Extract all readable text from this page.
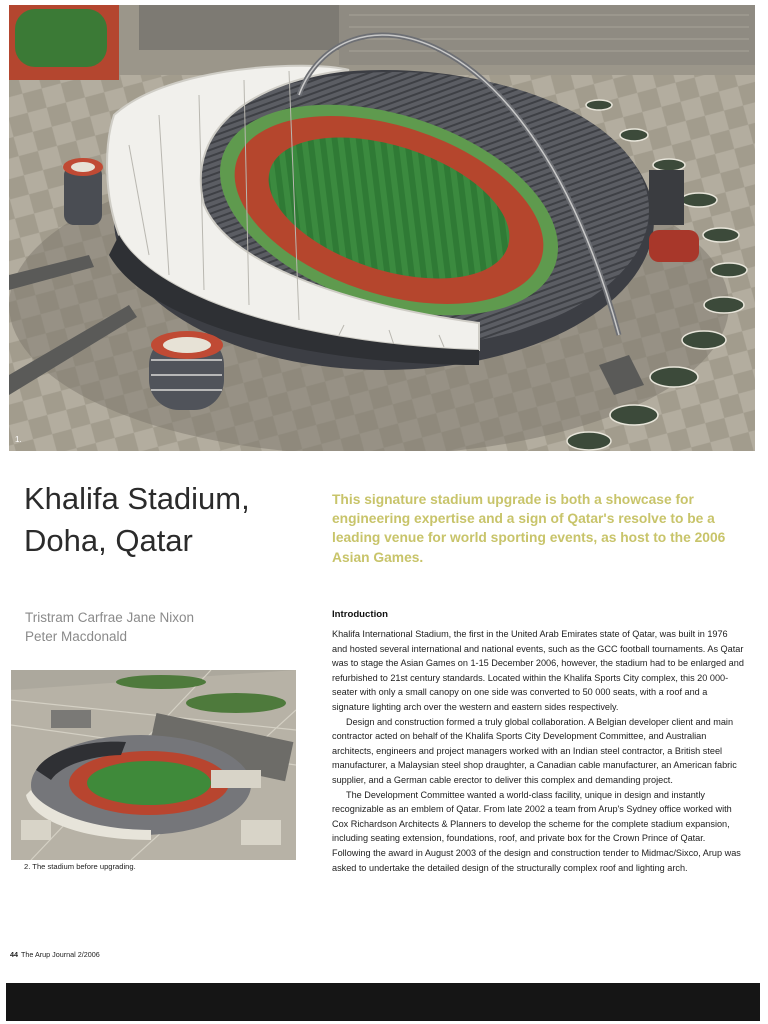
1.
Khalifa Stadium,
Doha, Qatar

This signature stadium upgrade is both a showcase for engineering expertise and a sign of Qatar's resolve to be a leading venue for world sporting events, as host to the 2006 Asian Games.

Tristram Carfrae Jane Nixon
Peter Macdonald

2. The stadium before upgrading.

Introduction

Khalifa International Stadium, the first in the United Arab Emirates state of Qatar, was built in 1976 and hosted several international and national events, such as the GCC football tournaments. As Qatar was to stage the Asian Games on 1-15 December 2006, however, the stadium had to be enlarged and refurbished to 21st century standards. Located within the Khalifa Sports City complex, this 20 000-seater with only a small canopy on one side was converted to 50 000 seats, with a roof and a signature lighting arch over the western and eastern sides respectively.

Design and construction formed a truly global collaboration. A Belgian developer client and main contractor acted on behalf of the Khalifa Sports City Development Committee, and Australian architects, engineers and project managers worked with an Indian steel contractor, a British steel manufacturer, a Malaysian steel shop draughter, a Canadian cable manufacturer, an American fabric supplier, and a German cable erector to deliver this complex and demanding project.

The Development Committee wanted a world-class facility, unique in design and instantly recognizable as an emblem of Qatar. From late 2002 a team from Arup's Sydney office worked with Cox Richardson Architects & Planners to develop the scheme for the complete stadium expansion, including seating extension, foundations, roof, and private box for the Crown Prince of Qatar. Following the award in August 2003 of the design and construction tender to Midmac/Sixco, Arup was asked to undertake the detailed design of the structurally complex roof and lighting arch.

44 The Arup Journal 2/2006
